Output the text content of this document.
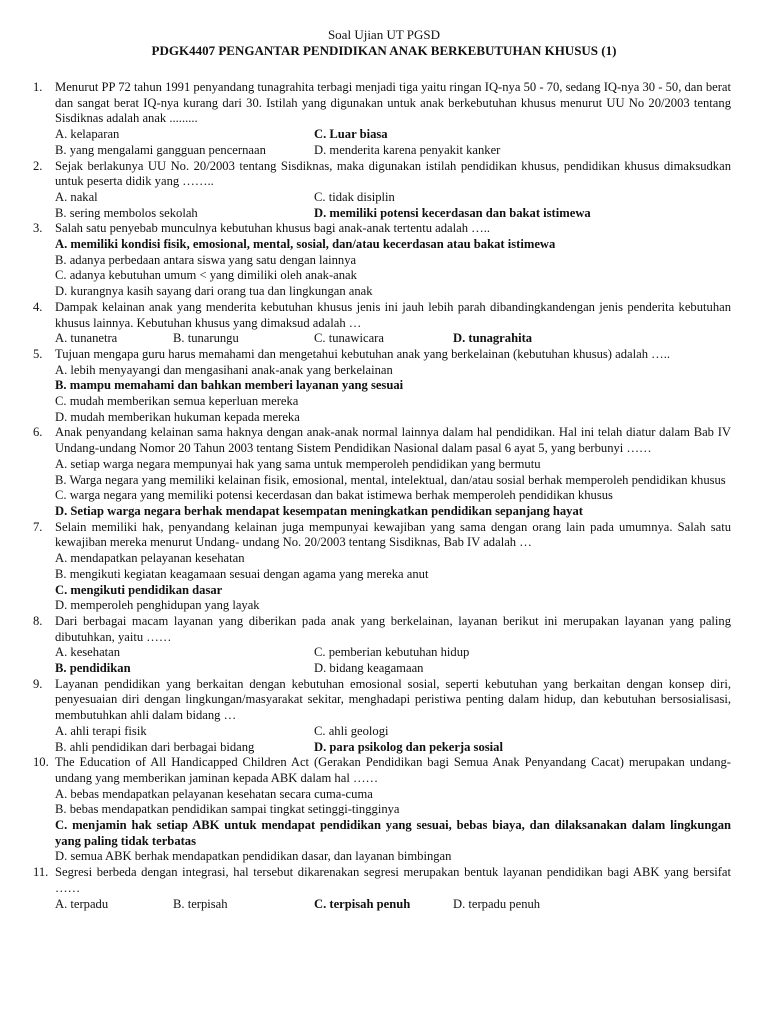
Soal Ujian UT PGSD
PDGK4407 PENGANTAR PENDIDIKAN ANAK BERKEBUTUHAN KHUSUS (1)
1. Menurut PP 72 tahun 1991 penyandang tunagrahita terbagi menjadi tiga yaitu ringan IQ-nya 50 - 70, sedang IQ-nya 30 - 50, dan berat dan sangat berat IQ-nya kurang dari 30. Istilah yang digunakan untuk anak berkebutuhan khusus menurut UU No 20/2003 tentang Sisdiknas adalah anak .........
A. kelaparan	C. Luar biasa
B. yang mengalami gangguan pencernaan	D. menderita karena penyakit kanker
2. Sejak berlakunya UU No. 20/2003 tentang Sisdiknas, maka digunakan istilah pendidikan khusus, pendidikan khusus dimaksudkan untuk peserta didik yang ……..
A. nakal	C. tidak disiplin
B. sering membolos sekolah	D. memiliki potensi kecerdasan dan bakat istimewa
3. Salah satu penyebab munculnya kebutuhan khusus bagi anak-anak tertentu adalah …..
A. memiliki kondisi fisik, emosional, mental, sosial, dan/atau kecerdasan atau bakat istimewa
B. adanya perbedaan antara siswa yang satu dengan lainnya
C. adanya kebutuhan umum < yang dimiliki oleh anak-anak
D. kurangnya kasih sayang dari orang tua dan lingkungan anak
4. Dampak kelainan anak yang menderita kebutuhan khusus jenis ini jauh lebih parah dibandingkandengan jenis penderita kebutuhan khusus lainnya. Kebutuhan khusus yang dimaksud adalah …
A. tunanetra	B. tunarungu	C. tunawicara	D. tunagrahita
5. Tujuan mengapa guru harus memahami dan mengetahui kebutuhan anak yang berkelainan (kebutuhan khusus) adalah …..
A. lebih menyayangi dan mengasihani anak-anak yang berkelainan
B. mampu memahami dan bahkan memberi layanan yang sesuai
C. mudah memberikan semua keperluan mereka
D. mudah memberikan hukuman kepada mereka
6. Anak penyandang kelainan sama haknya dengan anak-anak normal lainnya dalam hal pendidikan. Hal ini telah diatur dalam Bab IV Undang-undang Nomor 20 Tahun 2003 tentang Sistem Pendidikan Nasional dalam pasal 6 ayat 5, yang berbunyi ……
A. setiap warga negara mempunyai hak yang sama untuk memperoleh pendidikan yang bermutu
B. Warga negara yang memiliki kelainan fisik, emosional, mental, intelektual, dan/atau sosial berhak memperoleh pendidikan khusus
C. warga negara yang memiliki potensi kecerdasan dan bakat istimewa berhak memperoleh pendidikan khusus
D. Setiap warga negara berhak mendapat kesempatan meningkatkan pendidikan sepanjang hayat
7. Selain memiliki hak, penyandang kelainan juga mempunyai kewajiban yang sama dengan orang lain pada umumnya. Salah satu kewajiban mereka menurut Undang- undang No. 20/2003 tentang Sisdiknas, Bab IV adalah …
A. mendapatkan pelayanan kesehatan
B. mengikuti kegiatan keagamaan sesuai dengan agama yang mereka anut
C. mengikuti pendidikan dasar
D. memperoleh penghidupan yang layak
8. Dari berbagai macam layanan yang diberikan pada anak yang berkelainan, layanan berikut ini merupakan layanan yang paling dibutuhkan, yaitu ……
A. kesehatan	C. pemberian kebutuhan hidup
B. pendidikan	D. bidang keagamaan
9. Layanan pendidikan yang berkaitan dengan kebutuhan emosional sosial, seperti kebutuhan yang berkaitan dengan konsep diri, penyesuaian diri dengan lingkungan/masyarakat sekitar, menghadapi peristiwa penting dalam hidup, dan kebutuhan bersosialisasi, membutuhkan ahli dalam bidang …
A. ahli terapi fisik	C. ahli geologi
B. ahli pendidikan dari berbagai bidang	D. para psikolog dan pekerja sosial
10. The Education of All Handicapped Children Act (Gerakan Pendidikan bagi Semua Anak Penyandang Cacat) merupakan undang-undang yang memberikan jaminan kepada ABK dalam hal ……
A. bebas mendapatkan pelayanan kesehatan secara cuma-cuma
B. bebas mendapatkan pendidikan sampai tingkat setinggi-tingginya
C. menjamin hak setiap ABK untuk mendapat pendidikan yang sesuai, bebas biaya, dan dilaksanakan dalam lingkungan yang paling tidak terbatas
D. semua ABK berhak mendapatkan pendidikan dasar, dan layanan bimbingan
11. Segresi berbeda dengan integrasi, hal tersebut dikarenakan segresi merupakan bentuk layanan pendidikan bagi ABK yang bersifat ……
A. terpadu	B. terpisah	C. terpisah penuh	D. terpadu penuh
